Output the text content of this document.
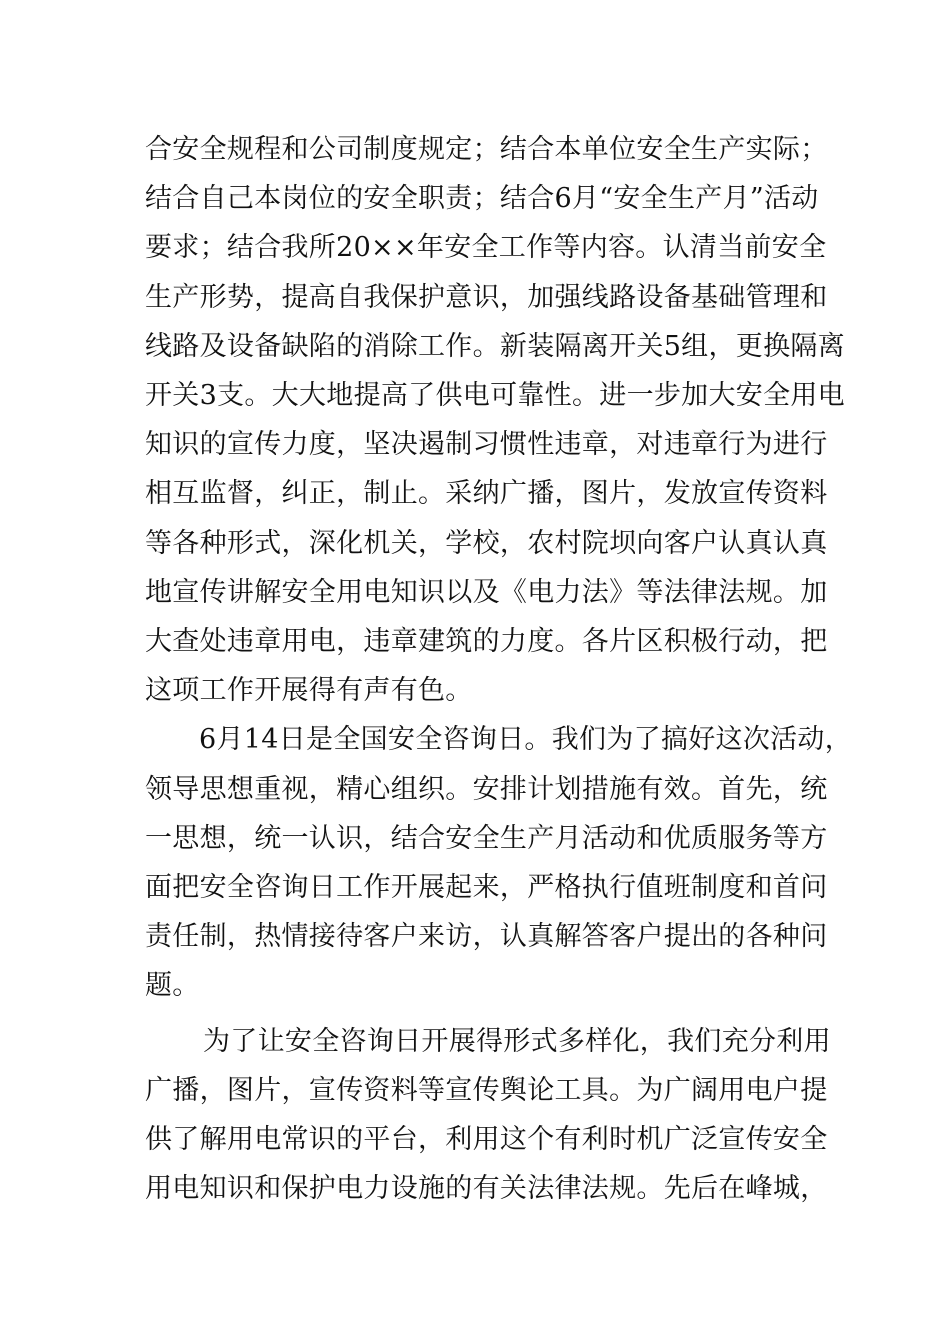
合安全规程和公司制度规定；结合本单位安全生产实际；
结合自己本岗位的安全职责；结合6月“安全生产月”活动
要求；结合我所20××年安全工作等内容。认清当前安全
生产形势，提高自我保护意识，加强线路设备基础管理和
线路及设备缺陷的消除工作。新装隔离开关5组，更换隔离
开关3支。大大地提高了供电可靠性。进一步加大安全用电
知识的宣传力度，坚决遏制习惯性违章，对违章行为进行
相互监督，纠正，制止。采纳广播，图片，发放宣传资料
等各种形式，深化机关，学校，农村院坝向客户认真认真
地宣传讲解安全用电知识以及《电力法》等法律法规。加
大查处违章用电，违章建筑的力度。各片区积极行动，把
这项工作开展得有声有色。
6月14日是全国安全咨询日。我们为了搞好这次活动，
领导思想重视，精心组织。安排计划措施有效。首先，统
一思想，统一认识，结合安全生产月活动和优质服务等方
面把安全咨询日工作开展起来，严格执行值班制度和首问
责任制，热情接待客户来访，认真解答客户提出的各种问
题。
为了让安全咨询日开展得形式多样化，我们充分利用
广播，图片，宣传资料等宣传舆论工具。为广阔用电户提
供了解用电常识的平台，利用这个有利时机广泛宣传安全
用电知识和保护电力设施的有关法律法规。先后在峰城，
